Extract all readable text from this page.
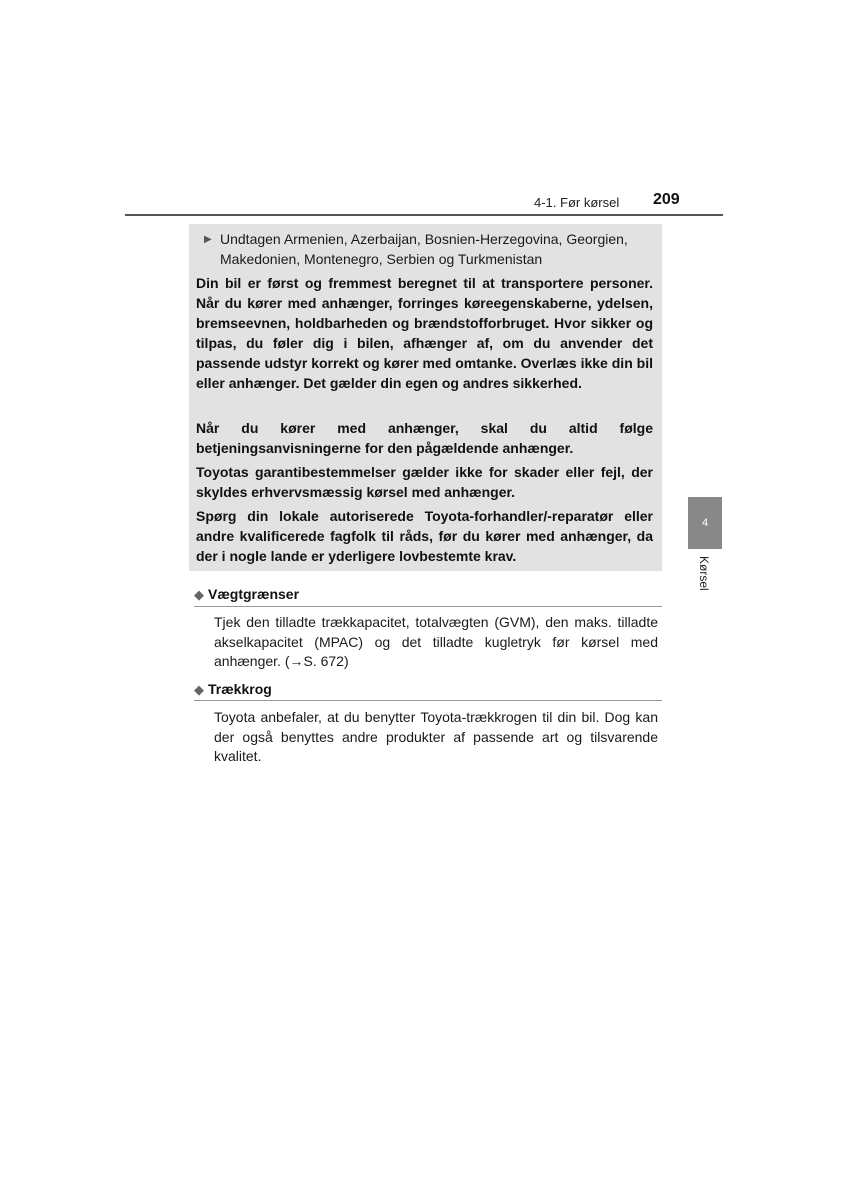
4-1. Før kørsel 209
▶ Undtagen Armenien, Azerbaijan, Bosnien-Herzegovina, Georgien, Makedonien, Montenegro, Serbien og Turkmenistan
Din bil er først og fremmest beregnet til at transportere personer. Når du kører med anhænger, forringes køreegenskaberne, ydelsen, bremseevnen, holdbarheden og brændstofforbruget. Hvor sikker og tilpas, du føler dig i bilen, afhænger af, om du anvender det passende udstyr korrekt og kører med omtanke. Overlæs ikke din bil eller anhænger. Det gælder din egen og andres sikkerhed.
Når du kører med anhænger, skal du altid følge betjeningsanvisningerne for den pågældende anhænger.
Toyotas garantibestemmelser gælder ikke for skader eller fejl, der skyldes erhvervsmæssig kørsel med anhænger.
Spørg din lokale autoriserede Toyota-forhandler/-reparatør eller andre kvalificerede fagfolk til råds, før du kører med anhænger, da der i nogle lande er yderligere lovbestemte krav.
◆ Vægtgrænser
Tjek den tilladte trækkapacitet, totalvægten (GVM), den maks. tilladte akselkapacitet (MPAC) og det tilladte kugletryk før kørsel med anhænger. (→S. 672)
◆ Trækkrog
Toyota anbefaler, at du benytter Toyota-trækkrogen til din bil. Dog kan der også benyttes andre produkter af passende art og tilsvarende kvalitet.
4
Kørsel
